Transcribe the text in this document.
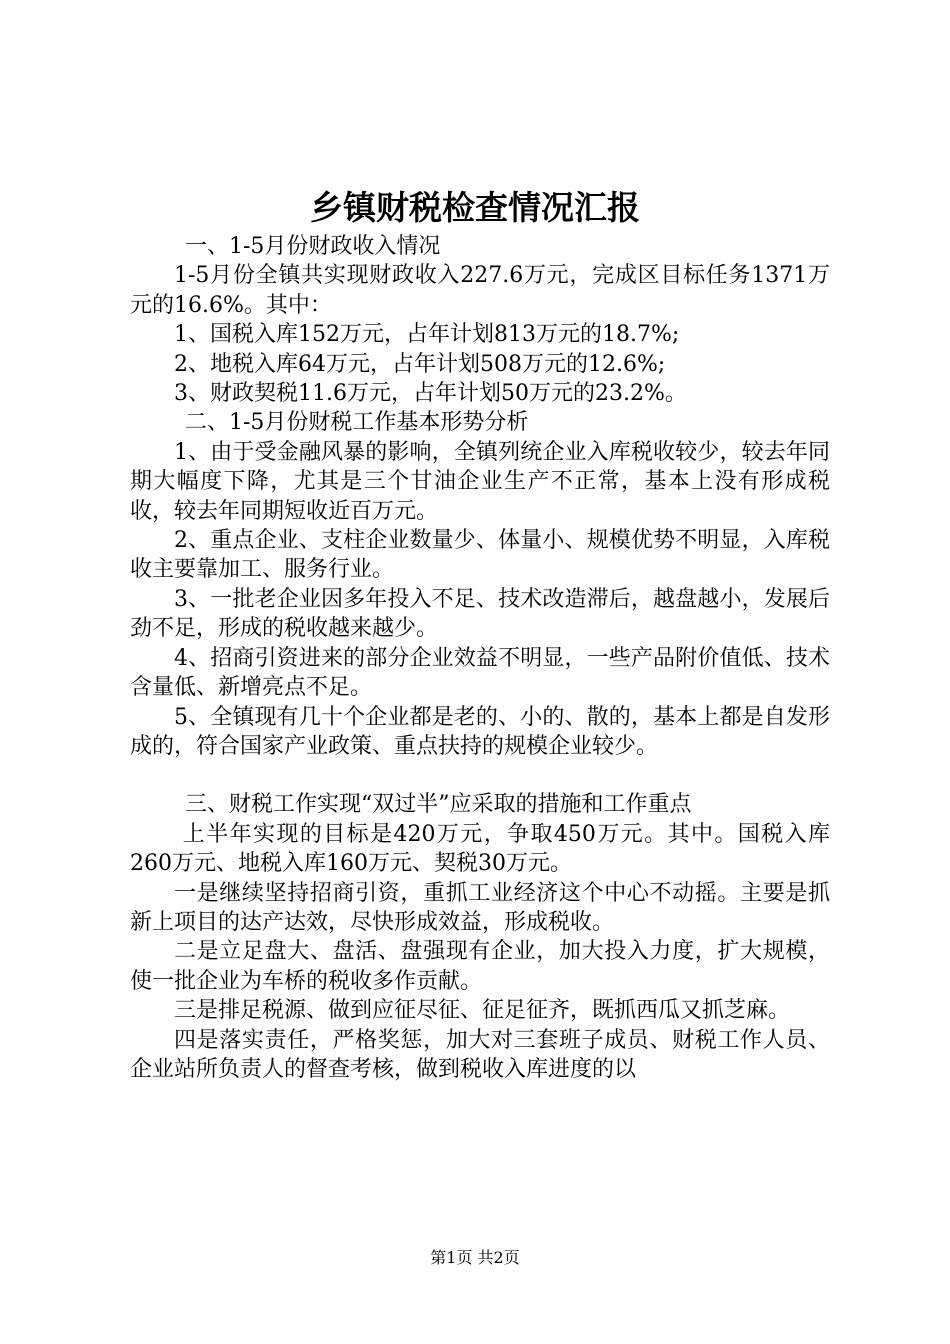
乡镇财税检查情况汇报

一、1-5月份财政收入情况

1-5月份全镇共实现财政收入227.6万元，完成区目标任务1371万元的16.6%。其中：

1、国税入库152万元，占年计划813万元的18.7%;

2、地税入库64万元，占年计划508万元的12.6%;

3、财政契税11.6万元，占年计划50万元的23.2%。

二、1-5月份财税工作基本形势分析

1、由于受金融风暴的影响，全镇列统企业入库税收较少，较去年同期大幅度下降，尤其是三个甘油企业生产不正常，基本上没有形成税收，较去年同期短收近百万元。

2、重点企业、支柱企业数量少、体量小、规模优势不明显，入库税收主要靠加工、服务行业。

3、一批老企业因多年投入不足、技术改造滞后，越盘越小，发展后劲不足，形成的税收越来越少。

4、招商引资进来的部分企业效益不明显，一些产品附价值低、技术含量低、新增亮点不足。

5、全镇现有几十个企业都是老的、小的、散的，基本上都是自发形成的，符合国家产业政策、重点扶持的规模企业较少。

三、财税工作实现“双过半”应采取的措施和工作重点

上半年实现的目标是420万元，争取450万元。其中。国税入库260万元、地税入库160万元、契税30万元。

一是继续坚持招商引资，重抓工业经济这个中心不动摇。主要是抓新上项目的达产达效，尽快形成效益，形成税收。

二是立足盘大、盘活、盘强现有企业，加大投入力度，扩大规模，使一批企业为车桥的税收多作贡献。

三是排足税源、做到应征尽征、征足征齐，既抓西瓜又抓芝麻。

四是落实责任，严格奖惩，加大对三套班子成员、财税工作人员、企业站所负责人的督查考核，做到税收入库进度的以

第1页 共2页
